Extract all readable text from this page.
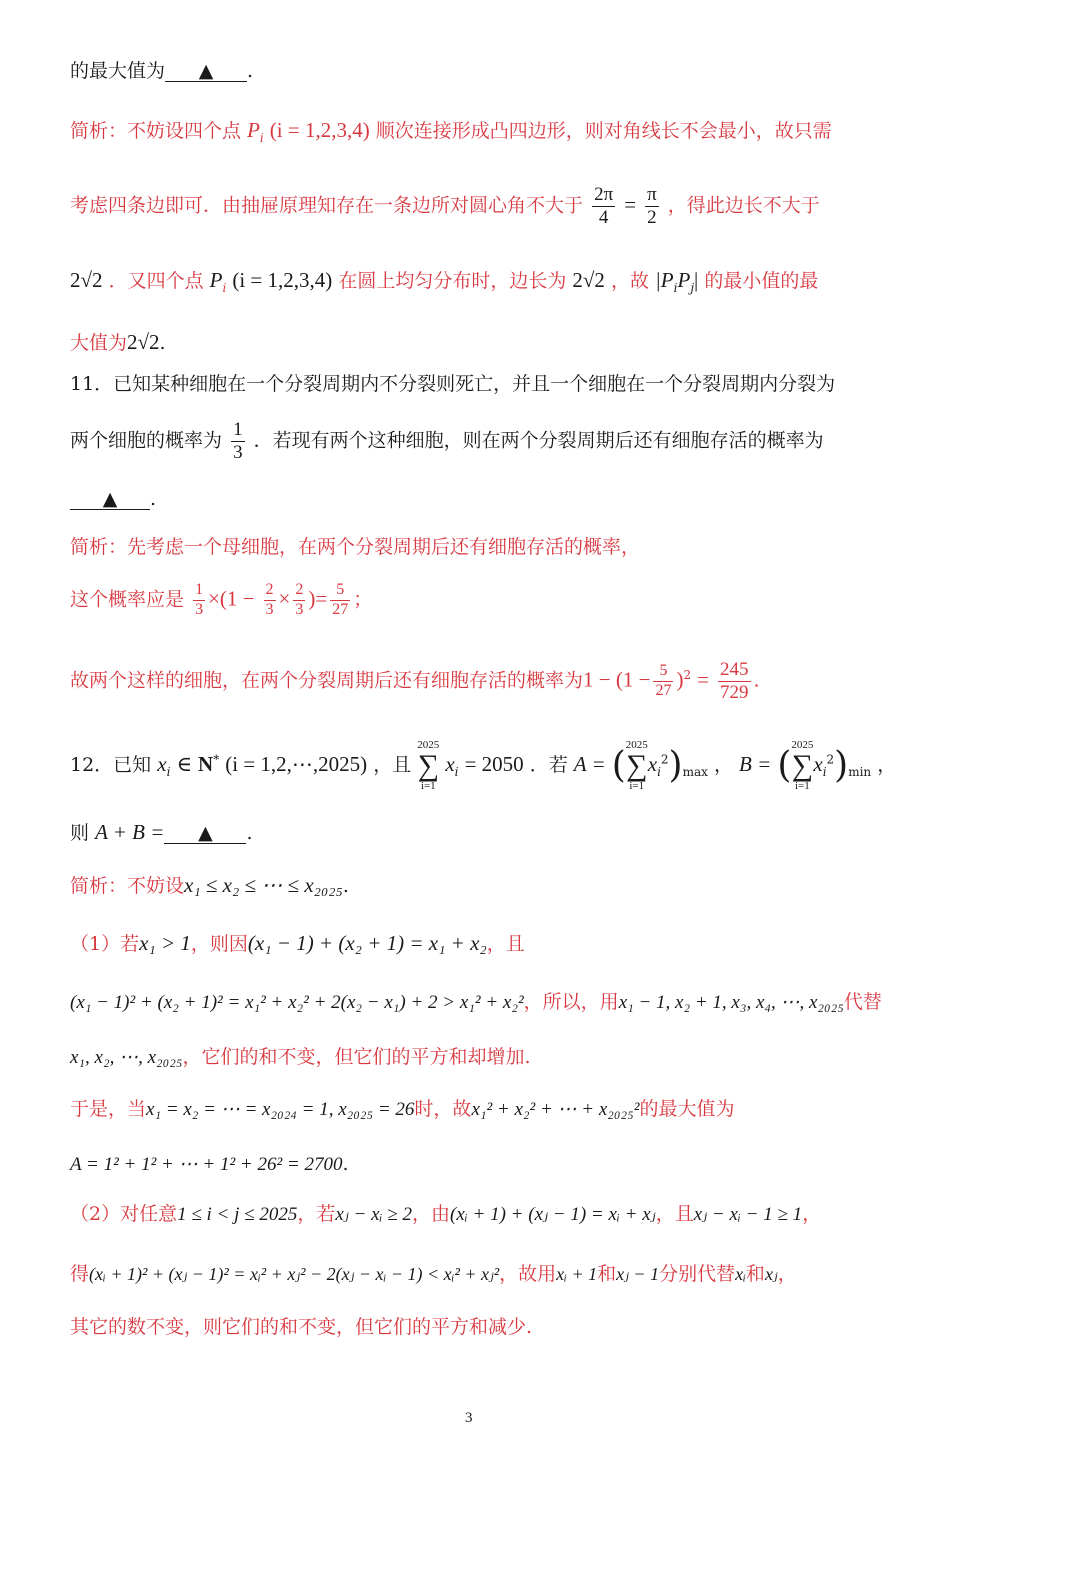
的最大值为 ▲ .
简析：不妨设四个点 $P_i$ (i = 1,2,3,4) 顺次连接形成凸四边形，则对角线长不会最小，故只需
考虑四条边即可．由抽屉原理知存在一条边所对圆心角不大于 $\frac{2\pi}{4} = \frac{\pi}{2}$ ，得此边长不大于
2√2 ．又四个点 $P_i$ (i = 1,2,3,4) 在圆上均匀分布时，边长为 2√2 ，故 $|P_iP_j|$ 的最小值的最
大值为2√2.
11．已知某种细胞在一个分裂周期内不分裂则死亡，并且一个细胞在一个分裂周期内分裂为
两个细胞的概率为 $\frac{1}{3}$ ．若现有两个这种细胞，则在两个分裂周期后还有细胞存活的概率为
▲ .
简析：先考虑一个母细胞，在两个分裂周期后还有细胞存活的概率，
这个概率应是 $\frac{1}{3} \times(1 - \frac{2}{3} \times \frac{2}{3}$ )= $\frac{5}{27}$ ；
故两个这样的细胞，在两个分裂周期后还有细胞存活的概率为$1 - (1 - \frac{5}{27} )^2 = \frac{245}{729}$ .
12．已知 $x_i$ ∈ N* (i = 1,2,⋯,2025) ，且
2025
∑
i=1
$x_i = 2050$ ．若 A = ( 2025
∑
i=1
$x_i^2)_{max}$ ， B = ( 2025
∑
i=1
$x_i^2)_{min}$ ，
则 A + B = ▲ .
简析：不妨设x₁ ≤ x₂ ≤ ⋯ ≤ x₂₀₂₅.
（1）若x₁ > 1，则因(x₁ − 1) + (x₂ + 1) = x₁ + x₂，且
(x₁ − 1)² + (x₂ + 1)² = x₁² + x₂² + 2(x₂ − x₁) + 2 > x₁² + x₂²，所以，用x₁ − 1, x₂ + 1, x₃, x₄, ⋯, x₂₀₂₅代替
x₁, x₂, ⋯, x₂₀₂₅，它们的和不变，但它们的平方和却增加.
于是，当x₁ = x₂ = ⋯ = x₂₀₂₄ = 1, x₂₀₂₅ = 26时，故x₁² + x₂² + ⋯ + x₂₀₂₅²的最大值为
A = 1² + 1² + ⋯ + 1² + 26² = 2700.
（2）对任意1 ≤ i < j ≤ 2025，若xⱼ − xᵢ ≥ 2，由(xᵢ + 1) + (xⱼ − 1) = xᵢ + xⱼ，且xⱼ − xᵢ − 1 ≥ 1，
得(xᵢ + 1)² + (xⱼ − 1)² = xᵢ² + xⱼ² − 2(xⱼ − xᵢ − 1) < xᵢ² + xⱼ²，故用xᵢ + 1和xⱼ − 1分别代替xᵢ和xⱼ，
其它的数不变，则它们的和不变，但它们的平方和减少.
3
